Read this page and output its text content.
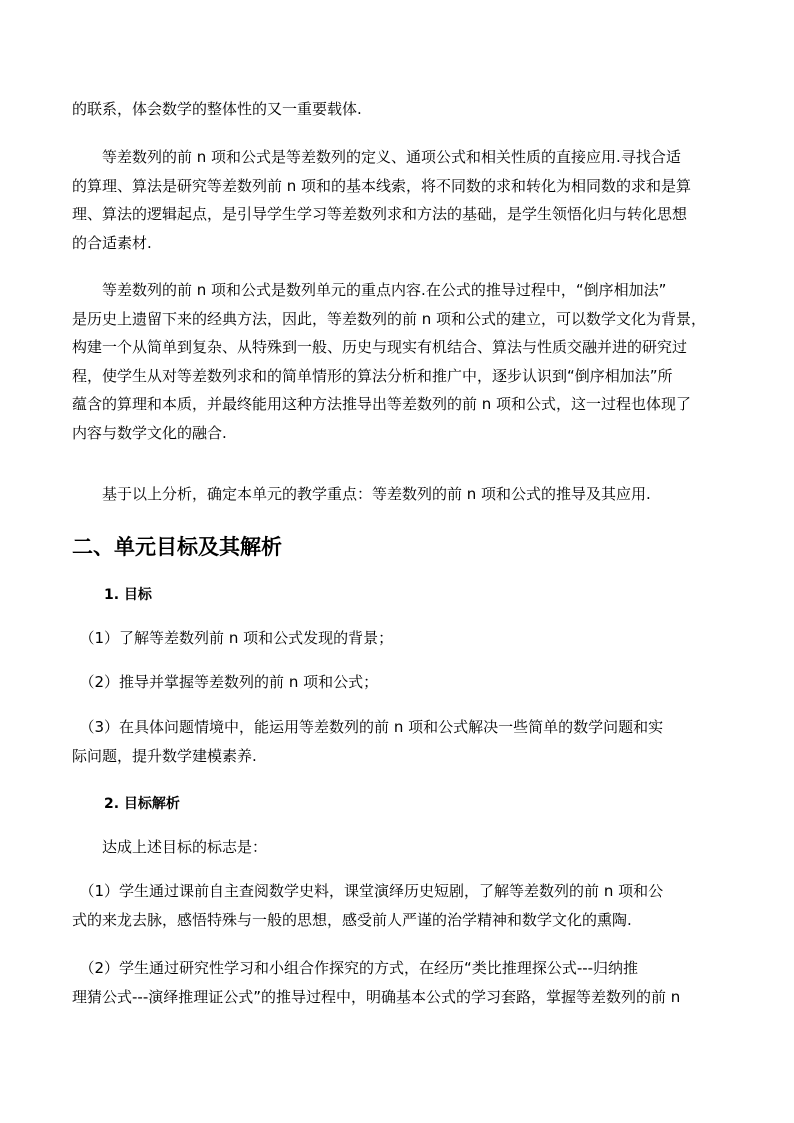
的联系，体会数学的整体性的又一重要载体.
　　等差数列的前 n 项和公式是等差数列的定义、通项公式和相关性质的直接应用.寻找合适
的算理、算法是研究等差数列前 n 项和的基本线索，将不同数的求和转化为相同数的求和是算
理、算法的逻辑起点，是引导学生学习等差数列求和方法的基础，是学生领悟化归与转化思想
的合适素材.
　　等差数列的前 n 项和公式是数列单元的重点内容.在公式的推导过程中，“倒序相加法”
是历史上遗留下来的经典方法，因此，等差数列的前 n 项和公式的建立，可以数学文化为背景，
构建一个从简单到复杂、从特殊到一般、历史与现实有机结合、算法与性质交融并进的研究过
程，使学生从对等差数列求和的简单情形的算法分析和推广中，逐步认识到“倒序相加法”所
蕴含的算理和本质，并最终能用这种方法推导出等差数列的前 n 项和公式，这一过程也体现了
内容与数学文化的融合.
　　基于以上分析，确定本单元的教学重点：等差数列的前 n 项和公式的推导及其应用.
二、单元目标及其解析
1. 目标
　（1）了解等差数列前 n 项和公式发现的背景；
　（2）推导并掌握等差数列的前 n 项和公式；
　（3）在具体问题情境中，能运用等差数列的前 n 项和公式解决一些简单的数学问题和实
际问题，提升数学建模素养.
2. 目标解析
　　达成上述目标的标志是：
　（1）学生通过课前自主查阅数学史料，课堂演绎历史短剧，了解等差数列的前 n 项和公
式的来龙去脉，感悟特殊与一般的思想，感受前人严谨的治学精神和数学文化的熏陶.
　（2）学生通过研究性学习和小组合作探究的方式，在经历“类比推理探公式---归纳推
理猜公式---演绎推理证公式”的推导过程中，明确基本公式的学习套路，掌握等差数列的前 n
